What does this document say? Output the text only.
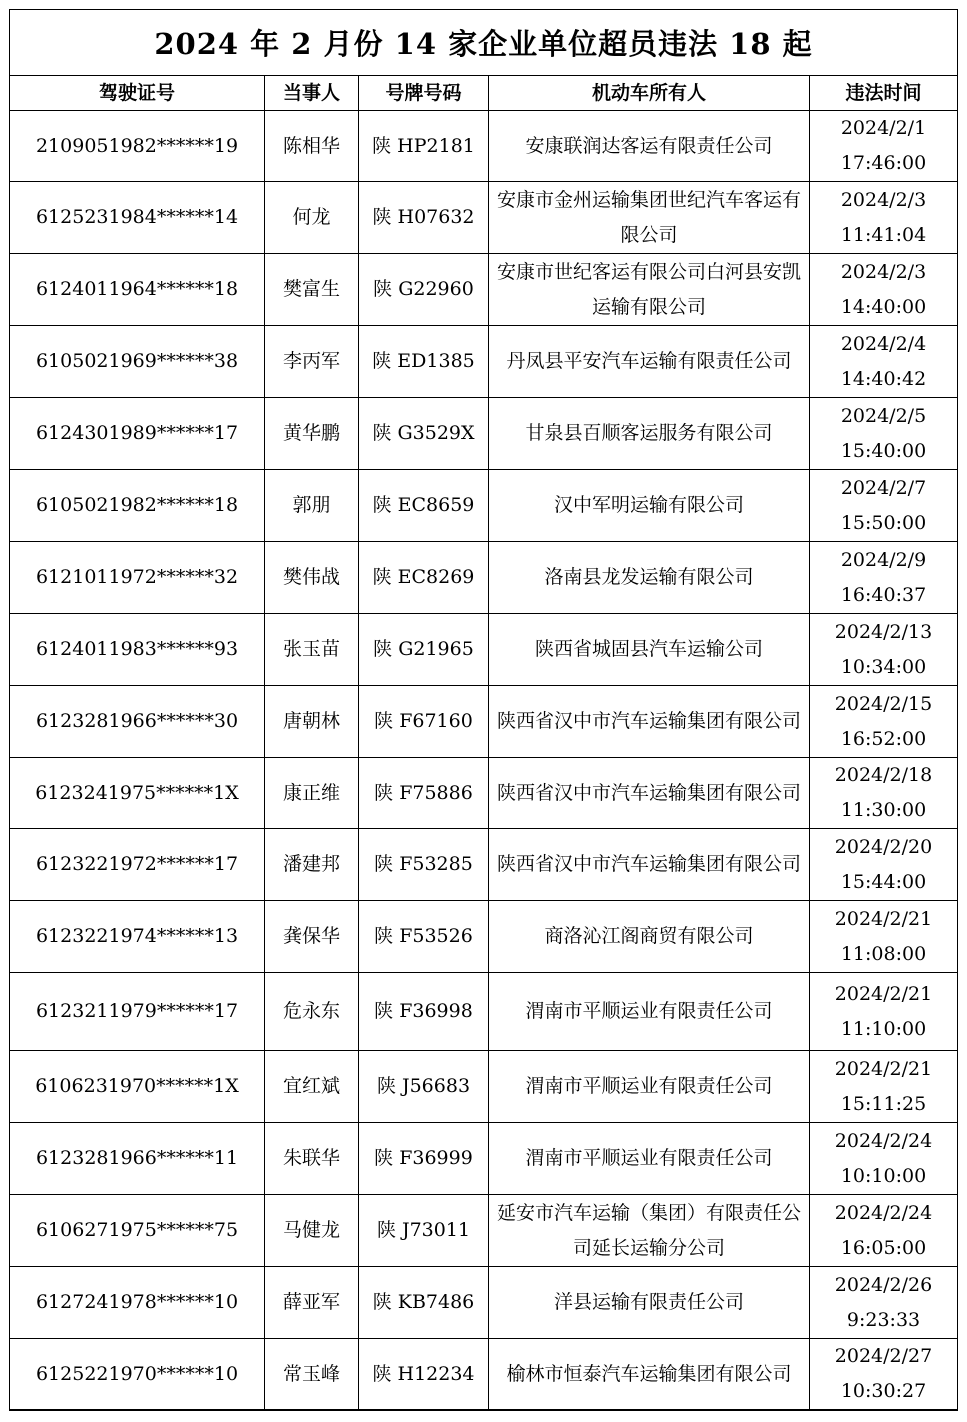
2024 年 2 月份 14 家企业单位超员违法 18 起
驾驶证号	当事人	号牌号码	机动车所有人	违法时间
2109051982******19	陈相华	陕 HP2181	安康联润达客运有限责任公司	2024/2/1
17:46:00

6125231984******14	何龙	陕 H07632	安康市金州运输集团世纪汽车客运有限公司	2024/2/3
11:41:04

6124011964******18	樊富生	陕 G22960	安康市世纪客运有限公司白河县安凯运输有限公司	2024/2/3
14:40:00

6105021969******38	李丙军	陕 ED1385	丹凤县平安汽车运输有限责任公司	2024/2/4
14:40:42

6124301989******17	黄华鹏	陕 G3529X	甘泉县百顺客运服务有限公司	2024/2/5
15:40:00

6105021982******18	郭朋	陕 EC8659	汉中军明运输有限公司	2024/2/7
15:50:00

6121011972******32	樊伟战	陕 EC8269	洛南县龙发运输有限公司	2024/2/9
16:40:37

6124011983******93	张玉苗	陕 G21965	陕西省城固县汽车运输公司	2024/2/13
10:34:00

6123281966******30	唐朝林	陕 F67160	陕西省汉中市汽车运输集团有限公司	2024/2/15
16:52:00

6123241975******1X	康正维	陕 F75886	陕西省汉中市汽车运输集团有限公司	2024/2/18
11:30:00

6123221972******17	潘建邦	陕 F53285	陕西省汉中市汽车运输集团有限公司	2024/2/20
15:44:00

6123221974******13	龚保华	陕 F53526	商洛沁江阁商贸有限公司	2024/2/21
11:08:00

6123211979******17	危永东	陕 F36998	渭南市平顺运业有限责任公司	2024/2/21
11:10:00

6106231970******1X	宜红斌	陕 J56683	渭南市平顺运业有限责任公司	2024/2/21
15:11:25

6123281966******11	朱联华	陕 F36999	渭南市平顺运业有限责任公司	2024/2/24
10:10:00

6106271975******75	马健龙	陕 J73011	延安市汽车运输（集团）有限责任公司延长运输分公司	2024/2/24
16:05:00

6127241978******10	薛亚军	陕 KB7486	洋县运输有限责任公司	2024/2/26
9:23:33

6125221970******10	常玉峰	陕 H12234	榆林市恒泰汽车运输集团有限公司	2024/2/27
10:30:27
